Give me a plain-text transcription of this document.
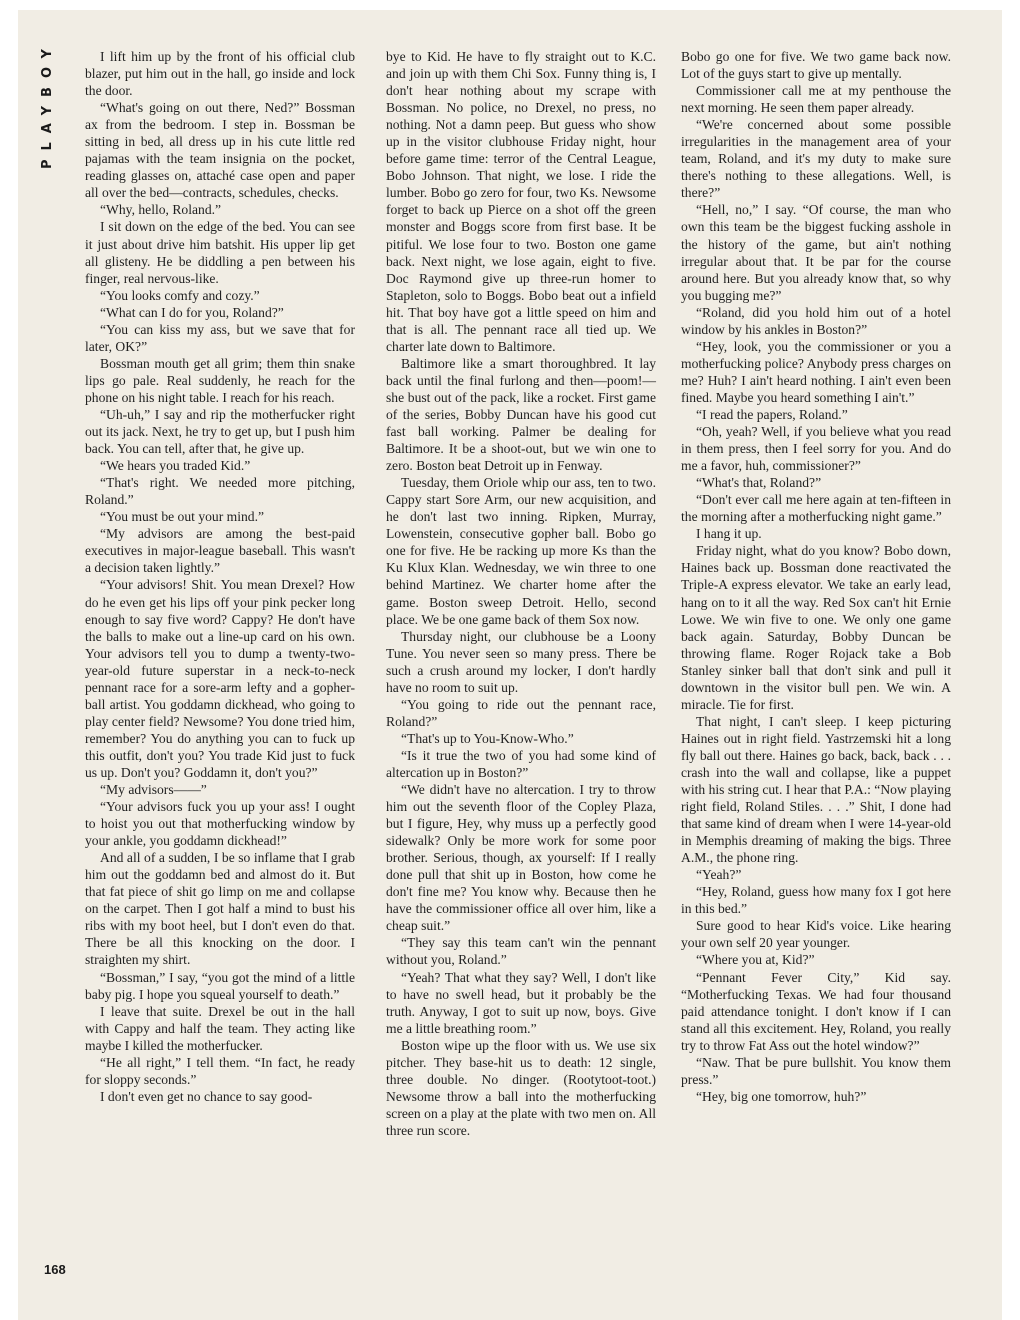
PLAYBOY	I lift him up by the front of his official club blazer, put him out in the hall, go inside and lock the door.

“What's going on out there, Ned?” Bossman ax from the bedroom. I step in. Bossman be sitting in bed, all dress up in his cute little red pajamas with the team insignia on the pocket, reading glasses on, attaché case open and paper all over the bed—contracts, schedules, checks.

“Why, hello, Roland.”

I sit down on the edge of the bed. You can see it just about drive him batshit. His upper lip get all glisteny. He be diddling a pen between his finger, real nervous-like.

“You looks comfy and cozy.”

“What can I do for you, Roland?”

“You can kiss my ass, but we save that for later, OK?”

Bossman mouth get all grim; them thin snake lips go pale. Real suddenly, he reach for the phone on his night table. I reach for his reach.

“Uh-uh,” I say and rip the motherfucker right out its jack. Next, he try to get up, but I push him back. You can tell, after that, he give up.

“We hears you traded Kid.”

“That's right. We needed more pitching, Roland.”

“You must be out your mind.”

“My advisors are among the best-paid executives in major-league baseball. This wasn't a decision taken lightly.”

“Your advisors! Shit. You mean Drexel? How do he even get his lips off your pink pecker long enough to say five word? Cappy? He don't have the balls to make out a line-up card on his own. Your advisors tell you to dump a twenty-two-year-old future superstar in a neck-to-neck pennant race for a sore-arm lefty and a gopher-ball artist. You goddamn dickhead, who going to play center field? Newsome? You done tried him, remember? You do anything you can to fuck up this outfit, don't you? You trade Kid just to fuck us up. Don't you? Goddamn it, don't you?”

“My advisors——”

“Your advisors fuck you up your ass! I ought to hoist you out that motherfucking window by your ankle, you goddamn dickhead!”

And all of a sudden, I be so inflame that I grab him out the goddamn bed and almost do it. But that fat piece of shit go limp on me and collapse on the carpet. Then I got half a mind to bust his ribs with my boot heel, but I don't even do that. There be all this knocking on the door. I straighten my shirt.

“Bossman,” I say, “you got the mind of a little baby pig. I hope you squeal yourself to death.”

I leave that suite. Drexel be out in the hall with Cappy and half the team. They acting like maybe I killed the motherfucker.

“He all right,” I tell them. “In fact, he ready for sloppy seconds.”

I don't even get no chance to say good-

bye to Kid. He have to fly straight out to K.C. and join up with them Chi Sox. Funny thing is, I don't hear nothing about my scrape with Bossman. No police, no Drexel, no press, no nothing. Not a damn peep. But guess who show up in the visitor clubhouse Friday night, hour before game time: terror of the Central League, Bobo Johnson. That night, we lose. I ride the lumber. Bobo go zero for four, two Ks. Newsome forget to back up Pierce on a shot off the green monster and Boggs score from first base. It be pitiful. We lose four to two. Boston one game back. Next night, we lose again, eight to five. Doc Raymond give up three-run homer to Stapleton, solo to Boggs. Bobo beat out a infield hit. That boy have got a little speed on him and that is all. The pennant race all tied up. We charter late down to Baltimore.

Baltimore like a smart thoroughbred. It lay back until the final furlong and then—poom!—she bust out of the pack, like a rocket. First game of the series, Bobby Duncan have his good cut fast ball working. Palmer be dealing for Baltimore. It be a shoot-out, but we win one to zero. Boston beat Detroit up in Fenway.

Tuesday, them Oriole whip our ass, ten to two. Cappy start Sore Arm, our new acquisition, and he don't last two inning. Ripken, Murray, Lowenstein, consecutive gopher ball. Bobo go one for five. He be racking up more Ks than the Ku Klux Klan. Wednesday, we win three to one behind Martinez. We charter home after the game. Boston sweep Detroit. Hello, second place. We be one game back of them Sox now.

Thursday night, our clubhouse be a Loony Tune. You never seen so many press. There be such a crush around my locker, I don't hardly have no room to suit up.

“You going to ride out the pennant race, Roland?”

“That's up to You-Know-Who.”

“Is it true the two of you had some kind of altercation up in Boston?”

“We didn't have no altercation. I try to throw him out the seventh floor of the Copley Plaza, but I figure, Hey, why muss up a perfectly good sidewalk? Only be more work for some poor brother. Serious, though, ax yourself: If I really done pull that shit up in Boston, how come he don't fine me? You know why. Because then he have the commissioner office all over him, like a cheap suit.”

“They say this team can't win the pennant without you, Roland.”

“Yeah? That what they say? Well, I don't like to have no swell head, but it probably be the truth. Anyway, I got to suit up now, boys. Give me a little breathing room.”

Boston wipe up the floor with us. We use six pitcher. They base-hit us to death: 12 single, three double. No dinger. (Rootytoot-toot.) Newsome throw a ball into the motherfucking screen on a play at the plate with two men on. All three run score.

Bobo go one for five. We two game back now. Lot of the guys start to give up mentally.

Commissioner call me at my penthouse the next morning. He seen them paper already.

“We're concerned about some possible irregularities in the management area of your team, Roland, and it's my duty to make sure there's nothing to these allegations. Well, is there?”

“Hell, no,” I say. “Of course, the man who own this team be the biggest fucking asshole in the history of the game, but ain't nothing irregular about that. It be par for the course around here. But you already know that, so why you bugging me?”

“Roland, did you hold him out of a hotel window by his ankles in Boston?”

“Hey, look, you the commissioner or you a motherfucking police? Anybody press charges on me? Huh? I ain't heard nothing. I ain't even been fined. Maybe you heard something I ain't.”

“I read the papers, Roland.”

“Oh, yeah? Well, if you believe what you read in them press, then I feel sorry for you. And do me a favor, huh, commissioner?”

“What's that, Roland?”

“Don't ever call me here again at ten-fifteen in the morning after a motherfucking night game.”

I hang it up.

Friday night, what do you know? Bobo down, Haines back up. Bossman done reactivated the Triple-A express elevator. We take an early lead, hang on to it all the way. Red Sox can't hit Ernie Lowe. We win five to one. We only one game back again. Saturday, Bobby Duncan be throwing flame. Roger Rojack take a Bob Stanley sinker ball that don't sink and pull it downtown in the visitor bull pen. We win. A miracle. Tie for first.

That night, I can't sleep. I keep picturing Haines out in right field. Yastrzemski hit a long fly ball out there. Haines go back, back, back . . . crash into the wall and collapse, like a puppet with his string cut. I hear that P.A.: “Now playing right field, Roland Stiles. . . .” Shit, I done had that same kind of dream when I were 14-year-old in Memphis dreaming of making the bigs. Three A.M., the phone ring.

“Yeah?”

“Hey, Roland, guess how many fox I got here in this bed.”

Sure good to hear Kid's voice. Like hearing your own self 20 year younger.

“Where you at, Kid?”

“Pennant Fever City,” Kid say. “Motherfucking Texas. We had four thousand paid attendance tonight. I don't know if I can stand all this excitement. Hey, Roland, you really try to throw Fat Ass out the hotel window?”

“Naw. That be pure bullshit. You know them press.”

“Hey, big one tomorrow, huh?”

168
